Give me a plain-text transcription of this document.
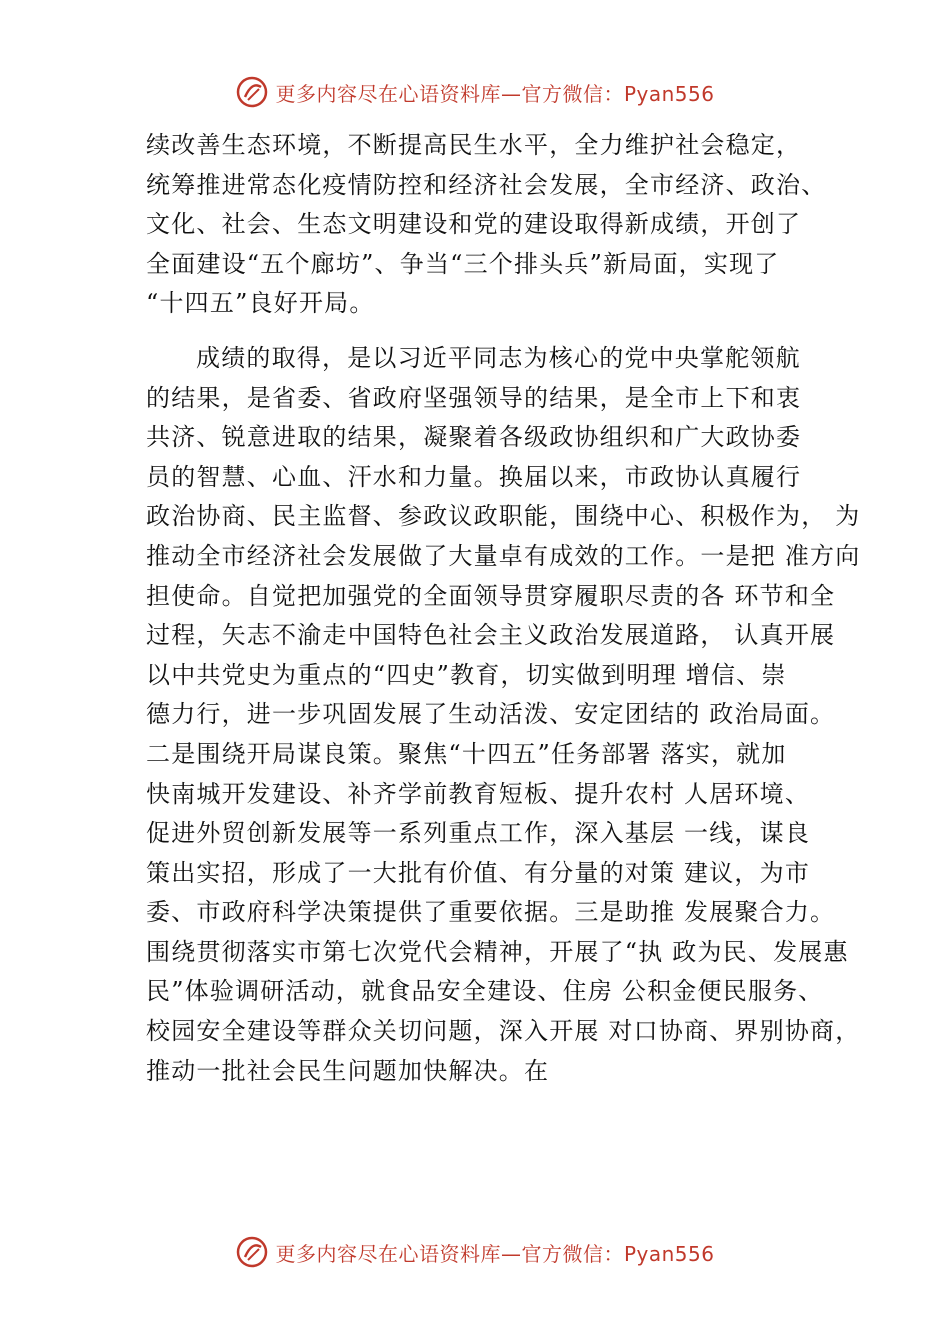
更多内容尽在心语资料库—官方微信：Pyan556
续改善生态环境，不断提高民生水平，全力维护社会稳定，
统筹推进常态化疫情防控和经济社会发展，全市经济、政治、
文化、社会、生态文明建设和党的建设取得新成绩，开创了
全面建设“五个廊坊”、争当“三个排头兵”新局面，实现了
“十四五”良好开局。
成绩的取得，是以习近平同志为核心的党中央掌舵领航
的结果，是省委、省政府坚强领导的结果，是全市上下和衷
共济、锐意进取的结果，凝聚着各级政协组织和广大政协委
员的智慧、心血、汗水和力量。换届以来，市政协认真履行
政治协商、民主监督、参政议政职能，围绕中心、积极作为， 为
推动全市经济社会发展做了大量卓有成效的工作。一是把 准方向
担使命。自觉把加强党的全面领导贯穿履职尽责的各 环节和全
过程，矢志不渝走中国特色社会主义政治发展道路， 认真开展
以中共党史为重点的“四史”教育，切实做到明理 增信、崇
德力行，进一步巩固发展了生动活泼、安定团结的 政治局面。
二是围绕开局谋良策。聚焦“十四五”任务部署 落实，就加
快南城开发建设、补齐学前教育短板、提升农村 人居环境、
促进外贸创新发展等一系列重点工作，深入基层 一线，谋良
策出实招，形成了一大批有价值、有分量的对策 建议，为市
委、市政府科学决策提供了重要依据。三是助推 发展聚合力。
围绕贯彻落实市第七次党代会精神，开展了“执 政为民、发展惠
民”体验调研活动，就食品安全建设、住房 公积金便民服务、
校园安全建设等群众关切问题，深入开展 对口协商、界别协商，
推动一批社会民生问题加快解决。在
更多内容尽在心语资料库—官方微信：Pyan556
